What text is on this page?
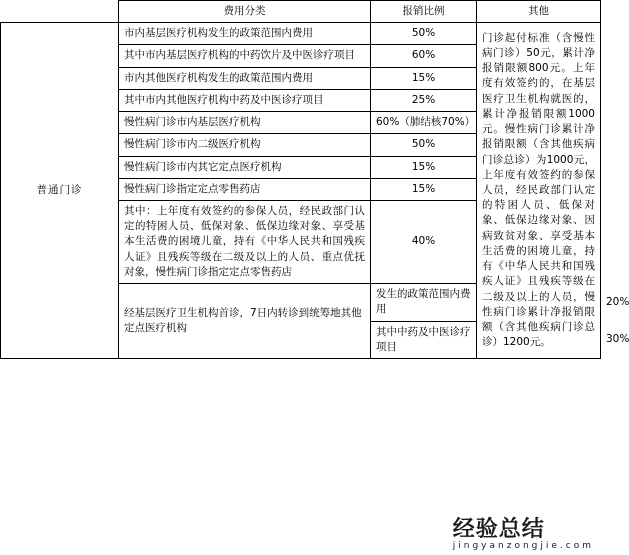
	费用分类	报销比例	其他	
普通门诊	市内基层医疗机构发生的政策范围内费用	50%	门诊起付标准（含慢性病门诊）50元，累计净报销限额800元。上年度有效签约的，在基层医疗卫生机构就医的，累计净报销限额1000元。慢性病门诊累计净报销限额（含其他疾病门诊总诊）为1000元，上年度有效签约的参保人员，经民政部门认定的特困人员、低保对象、低保边缘对象、因病致贫对象、享受基本生活费的困境儿童，持有《中华人民共和国残疾人证》且残疾等级在二级及以上的人员，慢性病门诊累计净报销限额（含其他疾病门诊总诊）1200元。	
	其中市内基层医疗机构的中药饮片及中医诊疗项目	60%		
	市内其他医疗机构发生的政策范围内费用	15%		
	其中市内其他医疗机构中药及中医诊疗项目	25%		
	慢性病门诊市内基层医疗机构	60%（肺结核70%）		
	慢性病门诊市内二级医疗机构	50%		
	慢性病门诊市内其它定点医疗机构	15%		
	慢性病门诊指定定点零售药店	15%		
	其中：上年度有效签约的参保人员，经民政部门认定的特困人员、低保对象、低保边缘对象、享受基本生活费的困境儿童，持有《中华人民共和国残疾人证》且残疾等级在二级及以上的人员、重点优抚对象，慢性病门诊指定定点零售药店	40%		
	经基层医疗卫生机构首诊，7日内转诊到统筹地其他定点医疗机构	发生的政策范围内费用		20%
		其中中药及中医诊疗项目		30%
经验总结
jingyanzongjie.com
